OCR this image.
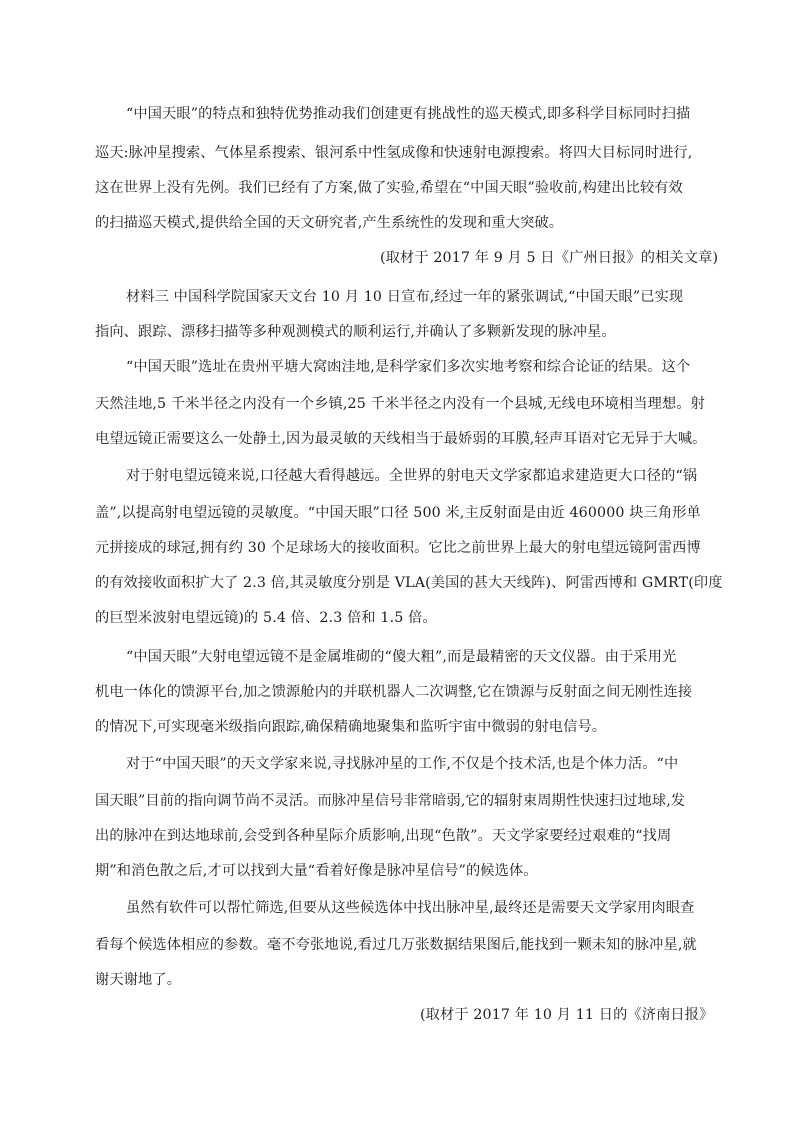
“中国天眼”的特点和独特优势推动我们创建更有挑战性的巡天模式,即多科学目标同时扫描
巡天:脉冲星搜索、气体星系搜索、银河系中性氢成像和快速射电源搜索。将四大目标同时进行,
这在世界上没有先例。我们已经有了方案,做了实验,希望在“中国天眼”验收前,构建出比较有效
的扫描巡天模式,提供给全国的天文研究者,产生系统性的发现和重大突破。
(取材于 2017 年 9 月 5 日《广州日报》的相关文章)
材料三 中国科学院国家天文台 10 月 10 日宣布,经过一年的紧张调试,“中国天眼”已实现
指向、跟踪、漂移扫描等多种观测模式的顺利运行,并确认了多颗新发现的脉冲星。
“中国天眼”选址在贵州平塘大窝凼洼地,是科学家们多次实地考察和综合论证的结果。这个
天然洼地,5 千米半径之内没有一个乡镇,25 千米半径之内没有一个县城,无线电环境相当理想。射
电望远镜正需要这么一处静土,因为最灵敏的天线相当于最娇弱的耳膜,轻声耳语对它无异于大喊。
对于射电望远镜来说,口径越大看得越远。全世界的射电天文学家都追求建造更大口径的“锅
盖”,以提高射电望远镜的灵敏度。“中国天眼”口径 500 米,主反射面是由近 460000 块三角形单
元拼接成的球冠,拥有约 30 个足球场大的接收面积。它比之前世界上最大的射电望远镜阿雷西博
的有效接收面积扩大了 2.3 倍,其灵敏度分别是 VLA(美国的甚大天线阵)、阿雷西博和 GMRT(印度
的巨型米波射电望远镜)的 5.4 倍、2.3 倍和 1.5 倍。
“中国天眼”大射电望远镜不是金属堆砌的“傻大粗”,而是最精密的天文仪器。由于采用光
机电一体化的馈源平台,加之馈源舱内的并联机器人二次调整,它在馈源与反射面之间无刚性连接
的情况下,可实现毫米级指向跟踪,确保精确地聚集和监听宇宙中微弱的射电信号。
对于“中国天眼”的天文学家来说,寻找脉冲星的工作,不仅是个技术活,也是个体力活。“中
国天眼”目前的指向调节尚不灵活。而脉冲星信号非常暗弱,它的辐射束周期性快速扫过地球,发
出的脉冲在到达地球前,会受到各种星际介质影响,出现“色散”。天文学家要经过艰难的“找周
期”和消色散之后,才可以找到大量“看着好像是脉冲星信号”的候选体。
虽然有软件可以帮忙筛选,但要从这些候选体中找出脉冲星,最终还是需要天文学家用肉眼查
看每个候选体相应的参数。毫不夸张地说,看过几万张数据结果图后,能找到一颗未知的脉冲星,就
谢天谢地了。
(取材于 2017 年 10 月 11 日的《济南日报》
